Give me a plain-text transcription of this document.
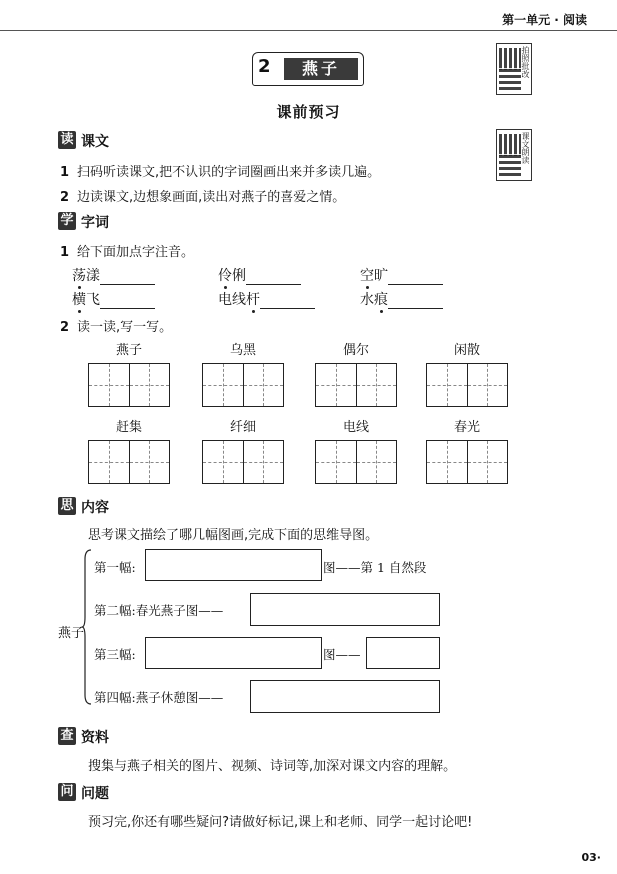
第一单元 · 阅读
2	燕子	拍照批改
课文朗读
课前预习
读 课文
1 扫码听读课文,把不认识的字词圈画出来并多读几遍。
2 边读课文,边想象画面,读出对燕子的喜爱之情。
学 字词
1 给下面加点字注音。
荡漾	伶俐	空旷
横飞	电线杆	水痕
2 读一读,写一写。
燕子	乌黑	偶尔	闲散
赶集	纤细	电线	春光
思 内容
思考课文描绘了哪几幅图画,完成下面的思维导图。
燕子
第一幅:	图——第 1 自然段
第二幅:春光燕子图——
第三幅:	图——
第四幅:燕子休憩图——
查 资料
搜集与燕子相关的图片、视频、诗词等,加深对课文内容的理解。
问 问题
预习完,你还有哪些疑问?请做好标记,课上和老师、同学一起讨论吧!
03·
